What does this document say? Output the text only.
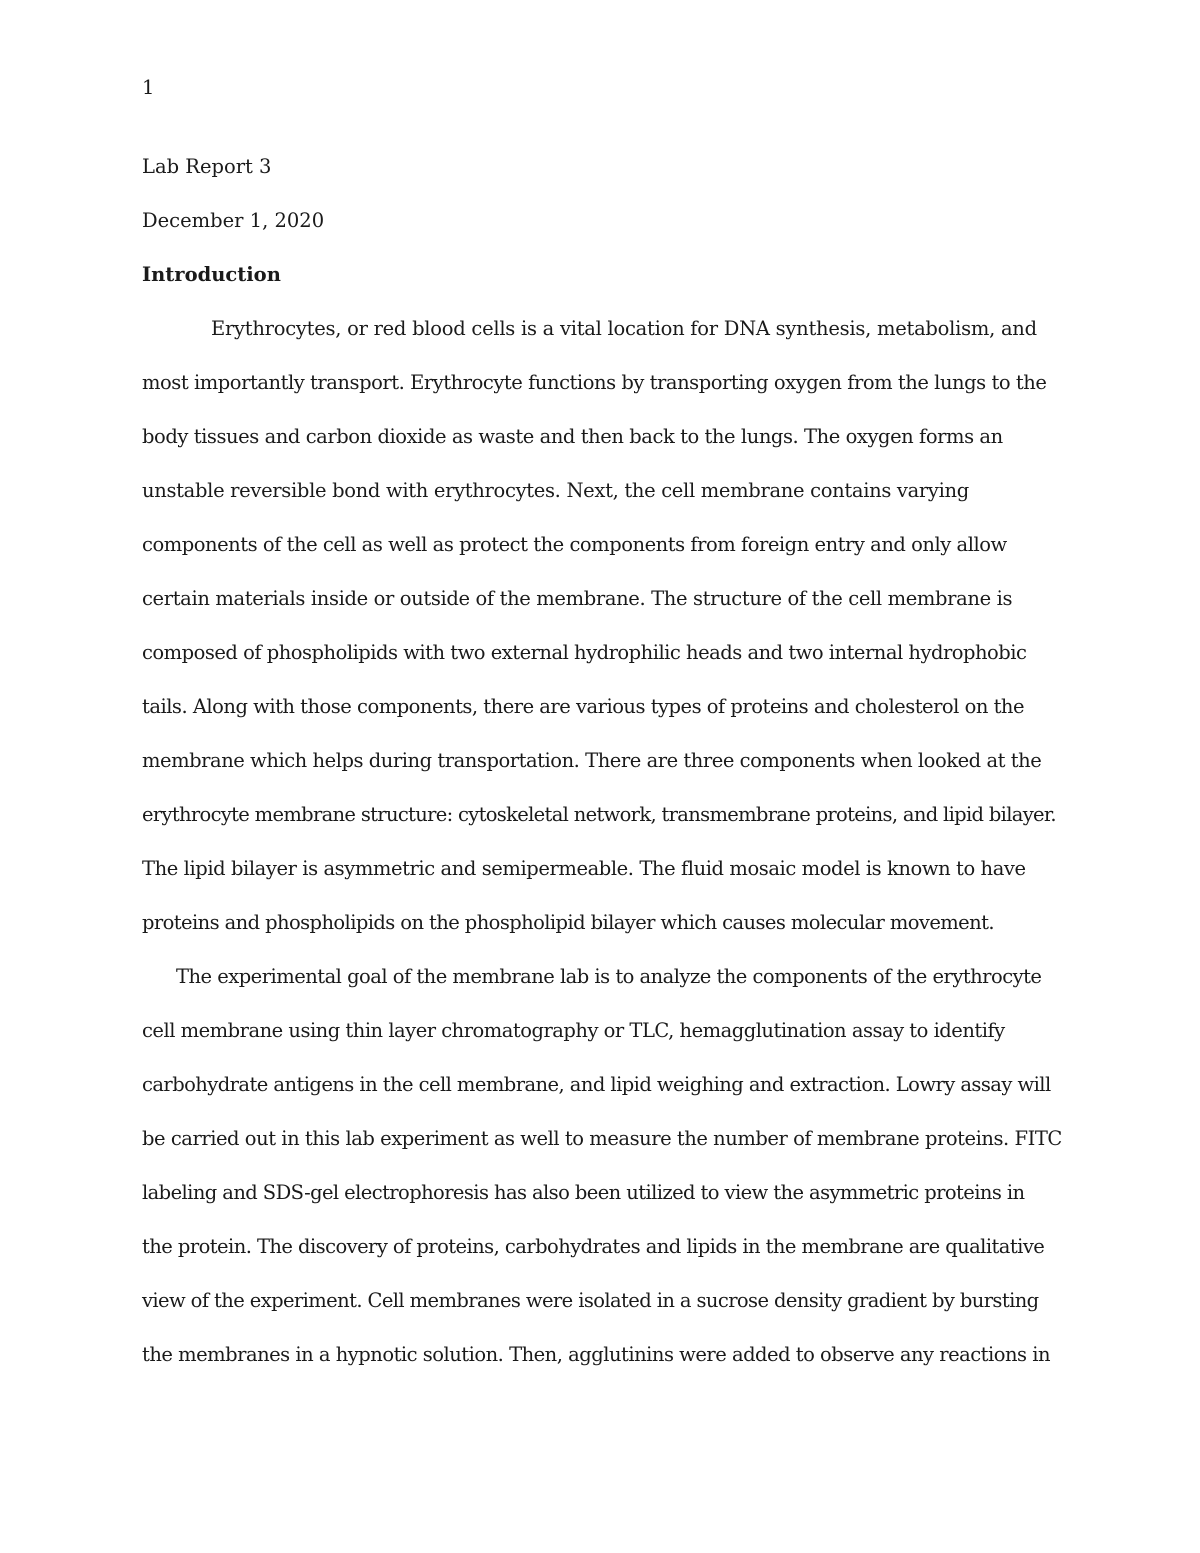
1
Lab Report 3
December 1, 2020
Introduction
Erythrocytes, or red blood cells is a vital location for DNA synthesis, metabolism, and
most importantly transport. Erythrocyte functions by transporting oxygen from the lungs to the
body tissues and carbon dioxide as waste and then back to the lungs. The oxygen forms an
unstable reversible bond with erythrocytes. Next, the cell membrane contains varying
components of the cell as well as protect the components from foreign entry and only allow
certain materials inside or outside of the membrane. The structure of the cell membrane is
composed of phospholipids with two external hydrophilic heads and two internal hydrophobic
tails. Along with those components, there are various types of proteins and cholesterol on the
membrane which helps during transportation. There are three components when looked at the
erythrocyte membrane structure: cytoskeletal network, transmembrane proteins, and lipid bilayer.
The lipid bilayer is asymmetric and semipermeable. The fluid mosaic model is known to have
proteins and phospholipids on the phospholipid bilayer which causes molecular movement.
The experimental goal of the membrane lab is to analyze the components of the erythrocyte
cell membrane using thin layer chromatography or TLC, hemagglutination assay to identify
carbohydrate antigens in the cell membrane, and lipid weighing and extraction. Lowry assay will
be carried out in this lab experiment as well to measure the number of membrane proteins. FITC
labeling and SDS-gel electrophoresis has also been utilized to view the asymmetric proteins in
the protein. The discovery of proteins, carbohydrates and lipids in the membrane are qualitative
view of the experiment. Cell membranes were isolated in a sucrose density gradient by bursting
the membranes in a hypnotic solution. Then, agglutinins were added to observe any reactions in
